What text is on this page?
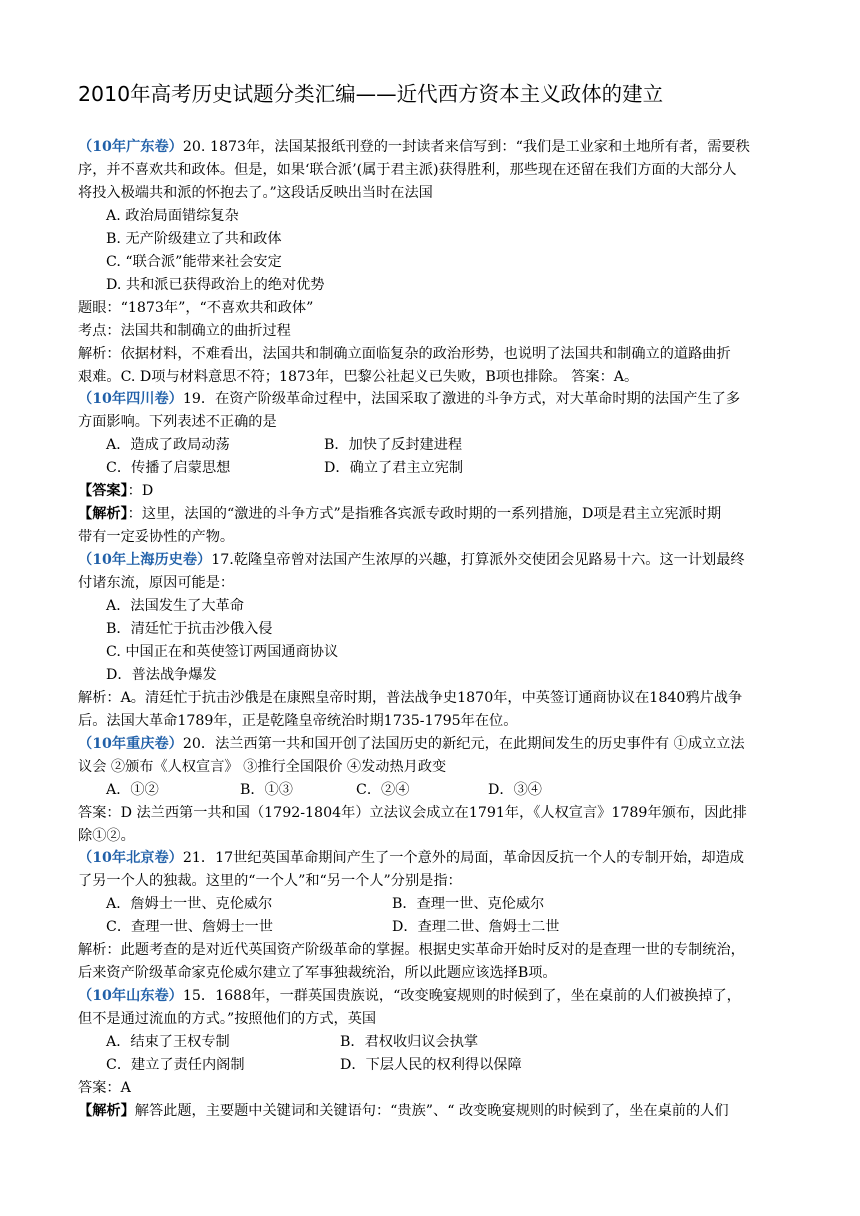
2010年高考历史试题分类汇编——近代西方资本主义政体的建立
（10年广东卷）20. 1873年，法国某报纸刊登的一封读者来信写到：“我们是工业家和土地所有者，需要秩
序，并不喜欢共和政体。但是，如果‘联合派’(属于君主派)获得胜利，那些现在还留在我们方面的大部分人
将投入极端共和派的怀抱去了。”这段话反映出当时在法国
A. 政治局面错综复杂
B. 无产阶级建立了共和政体
C. “联合派”能带来社会安定
D. 共和派已获得政治上的绝对优势
题眼：“1873年”，“不喜欢共和政体”
考点：法国共和制确立的曲折过程
解析：依据材料，不难看出，法国共和制确立面临复杂的政治形势，也说明了法国共和制确立的道路曲折
艰难。C. D项与材料意思不符；1873年，巴黎公社起义已失败，B项也排除。 答案：A。
（10年四川卷）19．在资产阶级革命过程中，法国采取了激进的斗争方式，对大革命时期的法国产生了多
方面影响。下列表述不正确的是
A．造成了政局动荡	B．加快了反封建进程
C．传播了启蒙思想	D．确立了君主立宪制
【答案】：D
【解析】：这里，法国的“激进的斗争方式”是指雅各宾派专政时期的一系列措施，D项是君主立宪派时期
带有一定妥协性的产物。
（10年上海历史卷）17.乾隆皇帝曾对法国产生浓厚的兴趣，打算派外交使团会见路易十六。这一计划最终
付诸东流，原因可能是：
A．法国发生了大革命
B．清廷忙于抗击沙俄入侵
C. 中国正在和英使签订两国通商协议
D．普法战争爆发
解析：A。清廷忙于抗击沙俄是在康熙皇帝时期，普法战争史1870年，中英签订通商协议在1840鸦片战争
后。法国大革命1789年，正是乾隆皇帝统治时期1735-1795年在位。
（10年重庆卷）20．法兰西第一共和国开创了法国历史的新纪元，在此期间发生的历史事件有 ①成立立法
议会 ②颁布《人权宣言》 ③推行全国限价 ④发动热月政变
A．①②	B．①③	C．②④	D．③④
答案：D 法兰西第一共和国（1792-1804年）立法议会成立在1791年，《人权宣言》1789年颁布，因此排
除①②。
（10年北京卷）21．17世纪英国革命期间产生了一个意外的局面，革命因反抗一个人的专制开始，却造成
了另一个人的独裁。这里的“一个人”和“另一个人”分别是指：
A．詹姆士一世、克伦威尔	B．查理一世、克伦威尔
C．查理一世、詹姆士一世	D．查理二世、詹姆士二世
解析：此题考查的是对近代英国资产阶级革命的掌握。根据史实革命开始时反对的是查理一世的专制统治，
后来资产阶级革命家克伦威尔建立了军事独裁统治，所以此题应该选择B项。
（10年山东卷）15．1688年，一群英国贵族说，“改变晚宴规则的时候到了，坐在桌前的人们被换掉了，
但不是通过流血的方式。”按照他们的方式，英国
A．结束了王权专制	B．君权收归议会执掌
C．建立了责任内阁制	D．下层人民的权利得以保障
答案：A
【解析】解答此题，主要题中关键词和关键语句：“贵族”、“ 改变晚宴规则的时候到了，坐在桌前的人们
